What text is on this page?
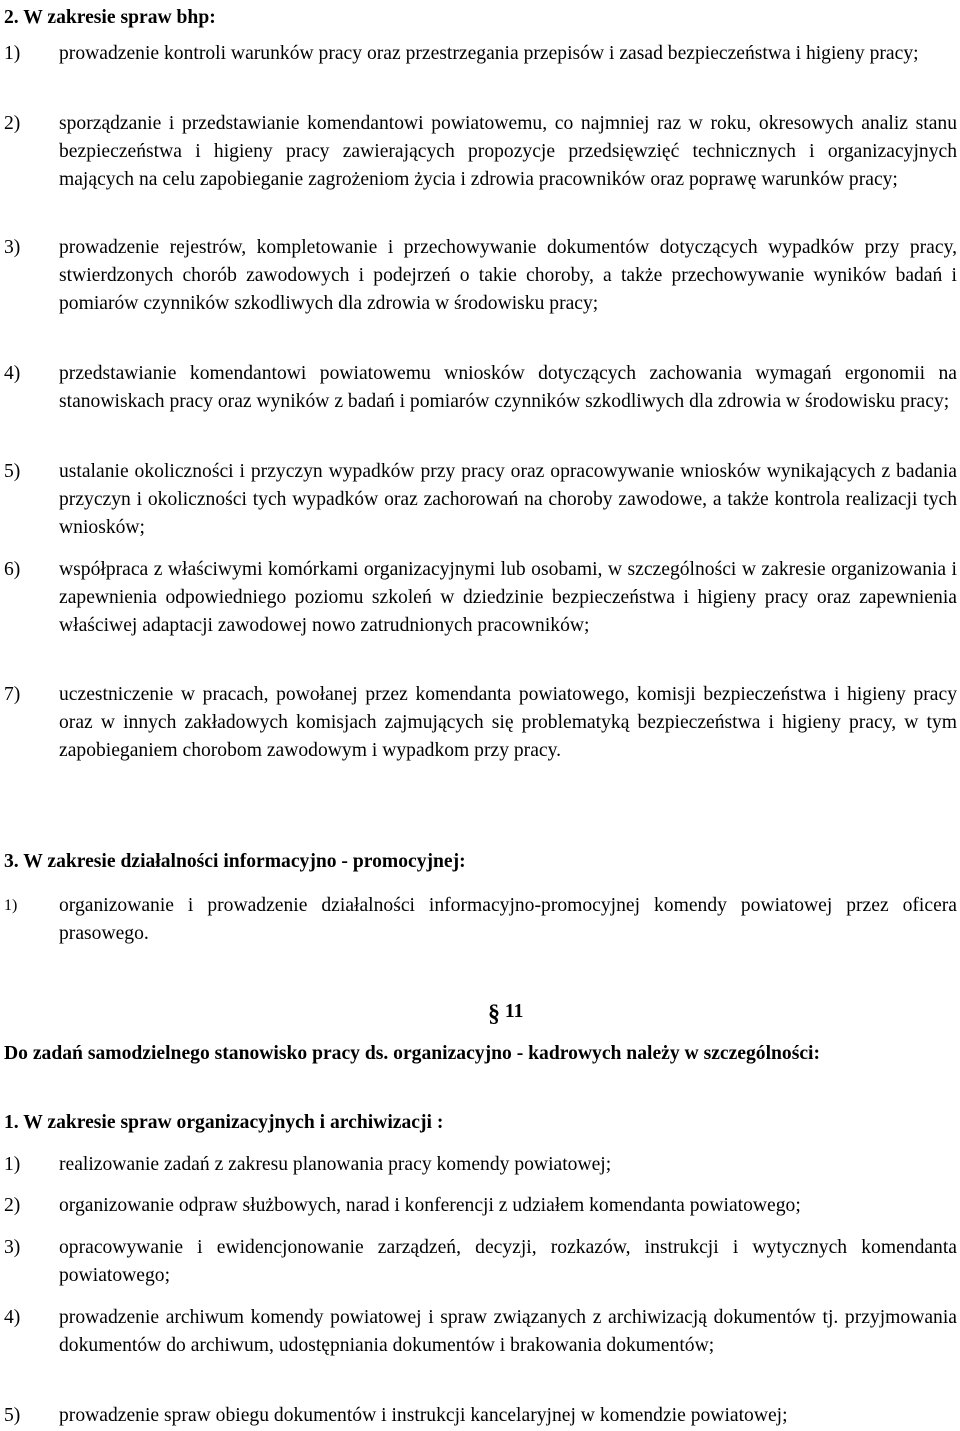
2. W zakresie spraw bhp:
1)	prowadzenie kontroli warunków pracy oraz przestrzegania przepisów i zasad bezpieczeństwa i higieny pracy;
2)	sporządzanie i przedstawianie komendantowi powiatowemu, co najmniej raz w roku, okresowych analiz stanu bezpieczeństwa i higieny pracy zawierających propozycje przedsięwzięć technicznych i organizacyjnych mających na celu zapobieganie zagrożeniom życia i zdrowia pracowników oraz poprawę warunków pracy;
3)	prowadzenie rejestrów, kompletowanie i przechowywanie dokumentów dotyczących wypadków przy pracy, stwierdzonych chorób zawodowych i podejrzeń o takie choroby, a także przechowywanie wyników badań i pomiarów czynników szkodliwych dla zdrowia w środowisku pracy;
4)	przedstawianie komendantowi powiatowemu wniosków dotyczących zachowania wymagań ergonomii na stanowiskach pracy oraz wyników z badań i pomiarów czynników szkodliwych dla zdrowia w środowisku pracy;
5)	ustalanie okoliczności i przyczyn wypadków przy pracy oraz opracowywanie wniosków wynikających z badania przyczyn i okoliczności tych wypadków oraz zachorowań na choroby zawodowe, a także kontrola realizacji tych wniosków;
6)	współpraca z właściwymi komórkami organizacyjnymi lub osobami, w szczególności w zakresie organizowania i zapewnienia odpowiedniego poziomu szkoleń w dziedzinie bezpieczeństwa i higieny pracy oraz zapewnienia właściwej adaptacji zawodowej nowo zatrudnionych pracowników;
7)	uczestniczenie w pracach, powołanej przez komendanta powiatowego, komisji bezpieczeństwa i higieny pracy oraz w innych zakładowych komisjach zajmujących się problematyką bezpieczeństwa i higieny pracy, w tym zapobieganiem chorobom zawodowym i wypadkom przy pracy.
3. W zakresie działalności informacyjno - promocyjnej:
1)	organizowanie i prowadzenie działalności informacyjno-promocyjnej komendy powiatowej przez oficera prasowego.
§ 11
Do zadań samodzielnego stanowisko pracy ds. organizacyjno - kadrowych należy w szczególności:
1. W zakresie spraw organizacyjnych i archiwizacji :
1)	realizowanie zadań z zakresu planowania pracy komendy powiatowej;
2)	organizowanie odpraw służbowych, narad i konferencji z udziałem komendanta powiatowego;
3)	opracowywanie i ewidencjonowanie zarządzeń, decyzji, rozkazów, instrukcji i wytycznych komendanta powiatowego;
4)	prowadzenie archiwum komendy powiatowej i spraw związanych z archiwizacją dokumentów tj. przyjmowania dokumentów do archiwum, udostępniania dokumentów i brakowania dokumentów;
5)	prowadzenie spraw obiegu dokumentów i instrukcji kancelaryjnej w komendzie powiatowej;
